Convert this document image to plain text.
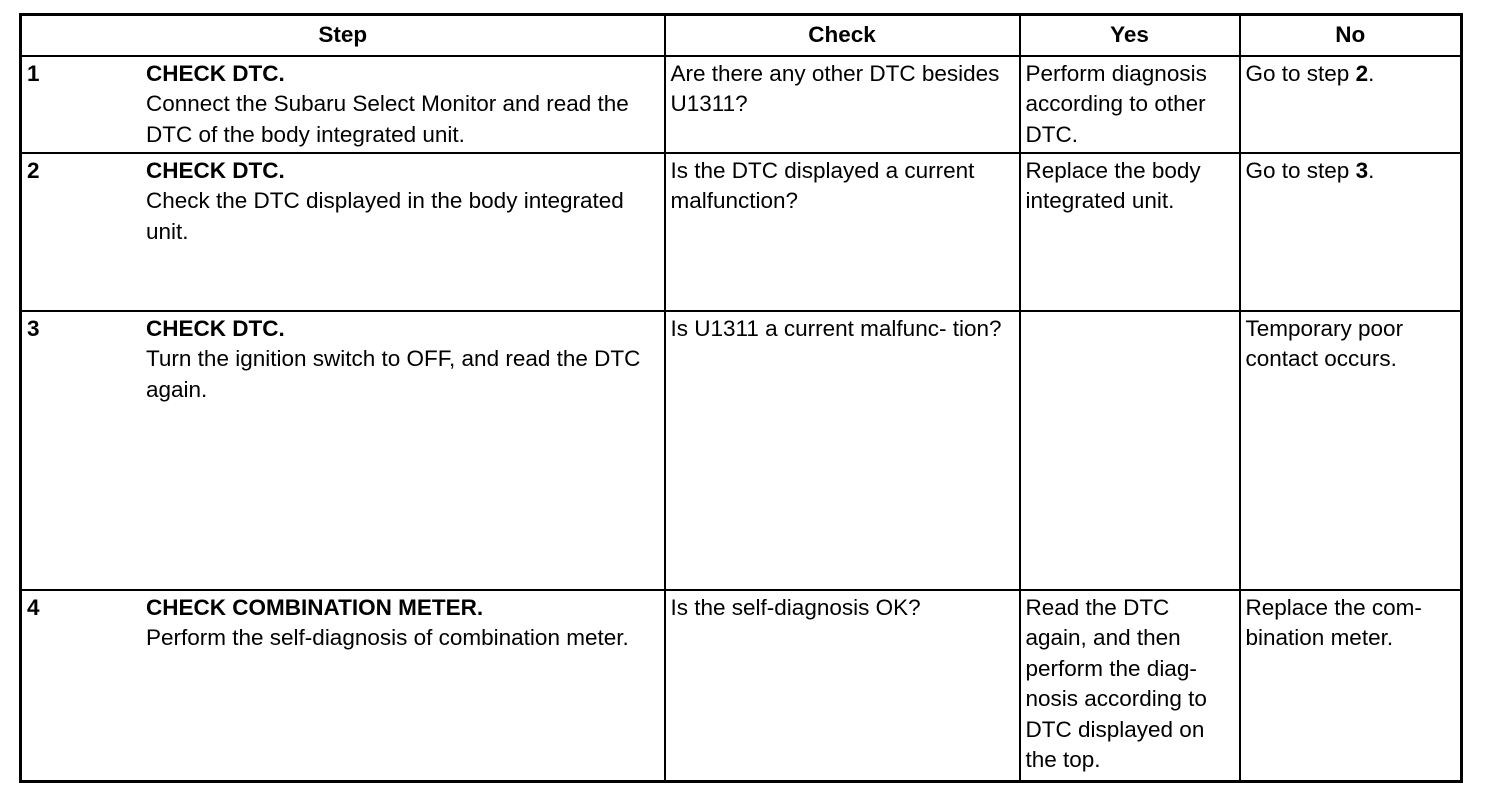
Step	Check	Yes	No

1 CHECK DTC.
Connect the Subaru Select Monitor and read the DTC of the body integrated unit.	Are there any other DTC besides U1311?	Perform diagnosis according to other DTC.	Go to step 2.

2 CHECK DTC.
Check the DTC displayed in the body integrated unit.	Is the DTC displayed a current malfunction?	Replace the body integrated unit.	Go to step 3.

3 CHECK DTC.
Turn the ignition switch to OFF, and read the DTC again.	Is U1311 a current malfunc- tion?		Temporary poor contact occurs.

4 CHECK COMBINATION METER.
Perform the self-diagnosis of combination meter.	Is the self-diagnosis OK?	Read the DTC again, and then perform the diag- nosis according to DTC displayed on the top.	Replace the com- bination meter.
